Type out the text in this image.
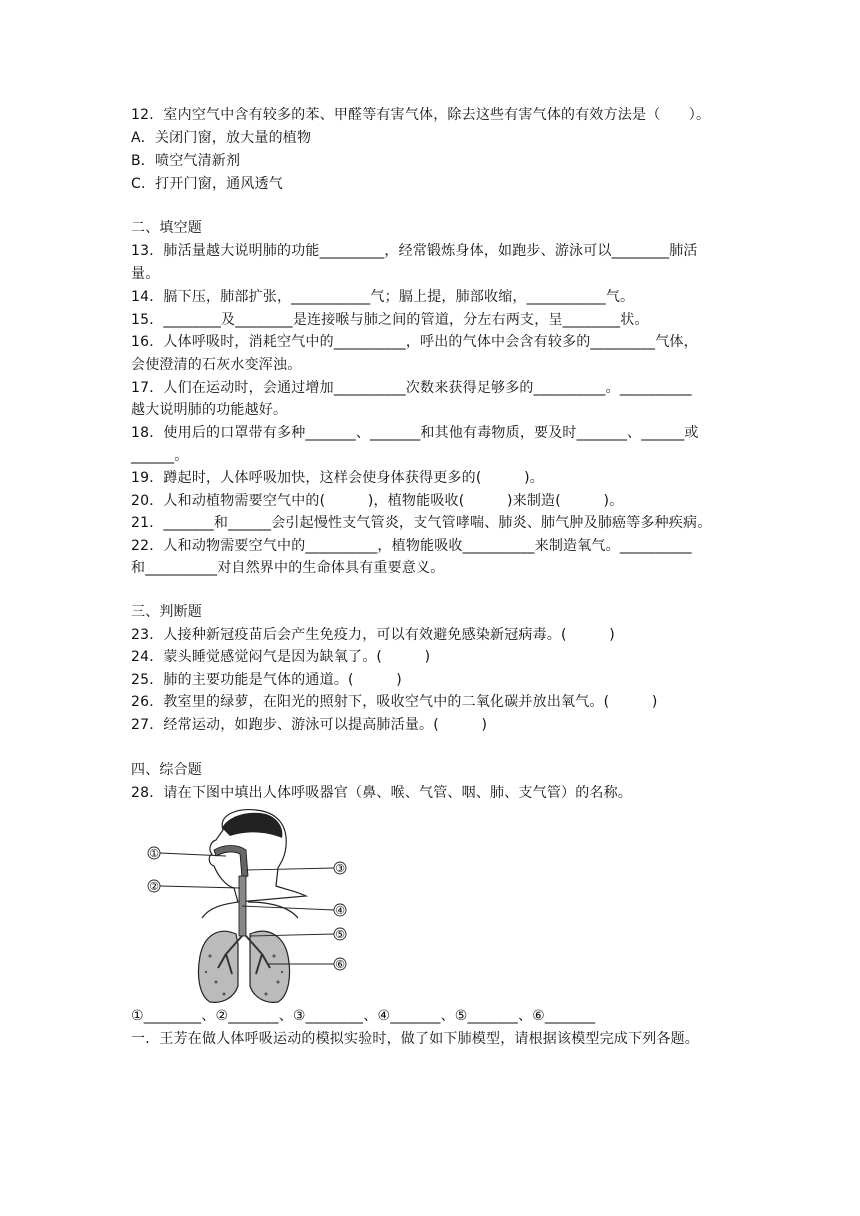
12．室内空气中含有较多的苯、甲醛等有害气体，除去这些有害气体的有效方法是（　　）。
A．关闭门窗，放大量的植物
B．喷空气清新剂
C．打开门窗，通风透气
二、填空题
13．肺活量越大说明肺的功能_________，经常锻炼身体，如跑步、游泳可以________肺活
量。
14．膈下压，肺部扩张，___________气；膈上提，肺部收缩，___________气。
15．________及________是连接喉与肺之间的管道，分左右两支，呈________状。
16．人体呼吸时，消耗空气中的__________，呼出的气体中会含有较多的_________气体，
会使澄清的石灰水变浑浊。
17．人们在运动时，会通过增加__________次数来获得足够多的__________。__________
越大说明肺的功能越好。
18．使用后的口罩带有多种_______、_______和其他有毒物质，要及时_______、______或
______。
19．蹲起时，人体呼吸加快，这样会使身体获得更多的(　　　)。
20．人和动植物需要空气中的(　　　)，植物能吸收(　　　)来制造(　　　)。
21．_______和______会引起慢性支气管炎，支气管哮喘、肺炎、肺气肿及肺癌等多种疾病。
22．人和动物需要空气中的__________，植物能吸收__________来制造氧气。__________
和__________对自然界中的生命体具有重要意义。
三、判断题
23．人接种新冠疫苗后会产生免疫力，可以有效避免感染新冠病毒。(　　　)
24．蒙头睡觉感觉闷气是因为缺氧了。(　　　)
25．肺的主要功能是气体的通道。(　　　)
26．教室里的绿萝，在阳光的照射下，吸收空气中的二氧化碳并放出氧气。(　　　)
27．经常运动，如跑步、游泳可以提高肺活量。(　　　)
四、综合题
28．请在下图中填出人体呼吸器官（鼻、喉、气管、咽、肺、支气管）的名称。
①
②
③
④
⑤
⑥
①________、②_______、③________、④_______、⑤_______、⑥_______
一．王芳在做人体呼吸运动的模拟实验时，做了如下肺模型，请根据该模型完成下列各题。
